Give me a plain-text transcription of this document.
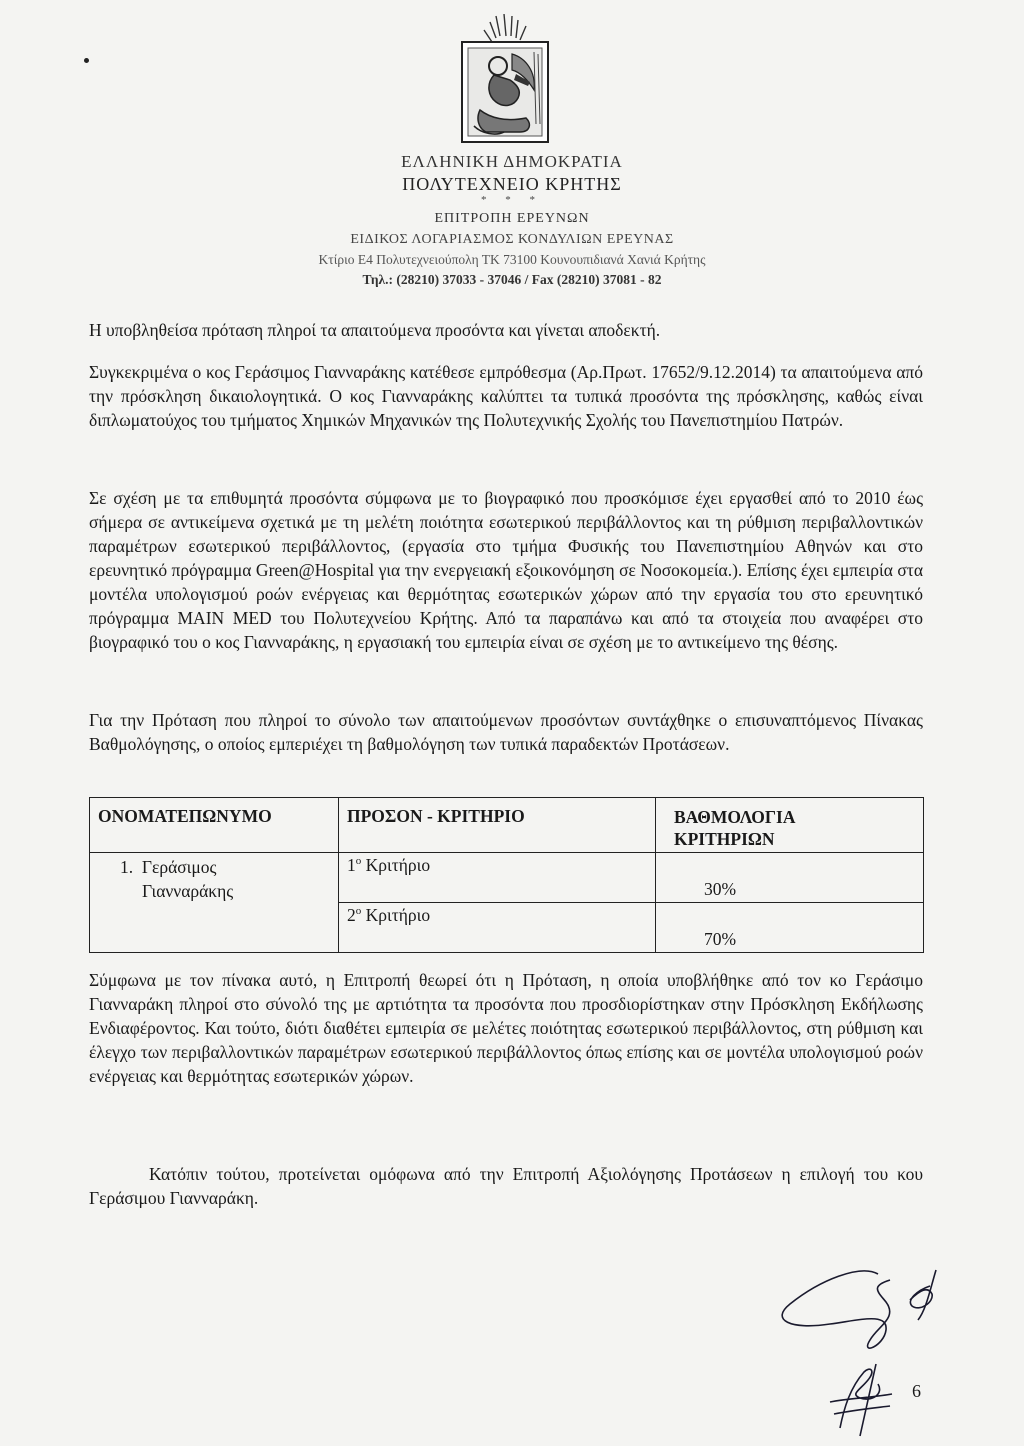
ΕΛΛΗΝΙΚΗ ΔΗΜΟΚΡΑΤΙΑ
ΠΟΛΥΤΕΧΝΕΙΟ ΚΡΗΤΗΣ
* * *
ΕΠΙΤΡΟΠΗ ΕΡΕΥΝΩΝ
ΕΙΔΙΚΟΣ ΛΟΓΑΡΙΑΣΜΟΣ ΚΟΝΔΥΛΙΩΝ ΕΡΕΥΝΑΣ
Κτίριο Ε4 Πολυτεχνειούπολη ΤΚ 73100 Κουνουπιδιανά Χανιά Κρήτης
Τηλ.: (28210) 37033 - 37046 / Fax (28210) 37081 - 82
Η υποβληθείσα πρόταση πληροί τα απαιτούμενα προσόντα και γίνεται αποδεκτή.
Συγκεκριμένα ο κος Γεράσιμος Γιανναράκης κατέθεσε εμπρόθεσμα (Αρ.Πρωτ. 17652/9.12.2014) τα απαιτούμενα από την πρόσκληση δικαιολογητικά. Ο κος Γιανναράκης καλύπτει τα τυπικά προσόντα της πρόσκλησης, καθώς είναι διπλωματούχος του τμήματος Χημικών Μηχανικών της Πολυτεχνικής Σχολής του Πανεπιστημίου Πατρών.
Σε σχέση με τα επιθυμητά προσόντα σύμφωνα με το βιογραφικό που προσκόμισε έχει εργασθεί από το 2010 έως σήμερα σε αντικείμενα σχετικά με τη μελέτη ποιότητα εσωτερικού περιβάλλοντος και τη ρύθμιση περιβαλλοντικών παραμέτρων εσωτερικού περιβάλλοντος, (εργασία στο τμήμα Φυσικής του Πανεπιστημίου Αθηνών και στο ερευνητικό πρόγραμμα Green@Hospital για την ενεργειακή εξοικονόμηση σε Νοσοκομεία.). Επίσης έχει εμπειρία στα μοντέλα υπολογισμού ροών ενέργειας και θερμότητας εσωτερικών χώρων από την εργασία του στο ερευνητικό πρόγραμμα MAIN MED του Πολυτεχνείου Κρήτης. Από τα παραπάνω και από τα στοιχεία που αναφέρει στο βιογραφικό του ο κος Γιανναράκης, η εργασιακή του εμπειρία είναι σε σχέση με το αντικείμενο της θέσης.
Για την Πρόταση που πληροί το σύνολο των απαιτούμενων προσόντων συντάχθηκε ο επισυναπτόμενος Πίνακας Βαθμολόγησης, ο οποίος εμπεριέχει τη βαθμολόγηση των τυπικά παραδεκτών Προτάσεων.
ΟΝΟΜΑΤΕΠΩΝΥΜΟ	ΠΡΟΣΟΝ - ΚΡΙΤΗΡΙΟ	ΒΑΘΜΟΛΟΓΙΑ ΚΡΙΤΗΡΙΩΝ

1. Γεράσιμος
Γιανναράκης	$1^o$ Κριτήριο	30%
	$2^o$ Κριτήριο	70%
Σύμφωνα με τον πίνακα αυτό, η Επιτροπή θεωρεί ότι η Πρόταση, η οποία υποβλήθηκε από τον κο Γεράσιμο Γιανναράκη πληροί στο σύνολό της με αρτιότητα τα προσόντα που προσδιορίστηκαν στην Πρόσκληση Εκδήλωσης Ενδιαφέροντος. Και τούτο, διότι διαθέτει εμπειρία σε μελέτες ποιότητας εσωτερικού περιβάλλοντος, στη ρύθμιση και έλεγχο των περιβαλλοντικών παραμέτρων εσωτερικού περιβάλλοντος όπως επίσης και σε μοντέλα υπολογισμού ροών ενέργειας και θερμότητας εσωτερικών χώρων.
Κατόπιν τούτου, προτείνεται ομόφωνα από την Επιτροπή Αξιολόγησης Προτάσεων η επιλογή του κου Γεράσιμου Γιανναράκη.
6
